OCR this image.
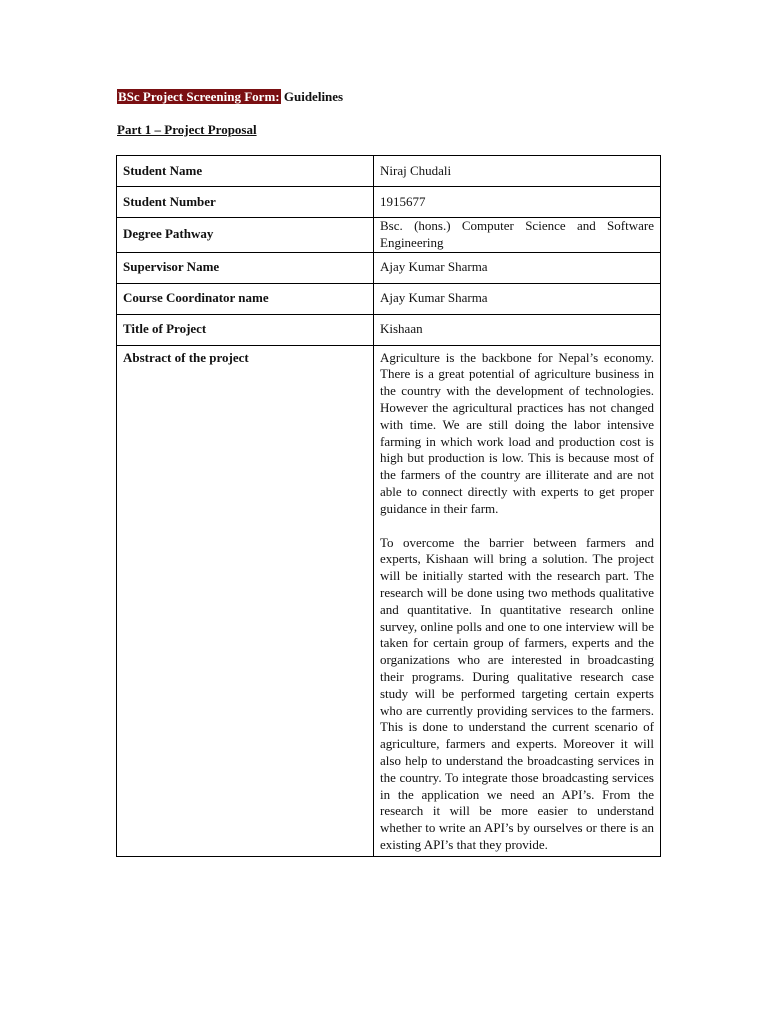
BSc Project Screening Form: Guidelines
Part 1 – Project Proposal
Student Name	Niraj Chudali
Student Number	1915677
Degree Pathway	Bsc. (hons.) Computer Science and Software Engineering
Supervisor Name	Ajay Kumar Sharma
Course Coordinator name	Ajay Kumar Sharma
Title of Project	Kishaan
Abstract of the project	Agriculture is the backbone for Nepal’s economy. There is a great potential of agriculture business in the country with the development of technologies. However the agricultural practices has not changed with time. We are still doing the labor intensive farming in which work load and production cost is high but production is low. This is because most of the farmers of the country are illiterate and are not able to connect directly with experts to get proper guidance in their farm.

To overcome the barrier between farmers and experts, Kishaan will bring a solution. The project will be initially started with the research part. The research will be done using two methods qualitative and quantitative. In quantitative research online survey, online polls and one to one interview will be taken for certain group of farmers, experts and the organizations who are interested in broadcasting their programs. During qualitative research case study will be performed targeting certain experts who are currently providing services to the farmers. This is done to understand the current scenario of agriculture, farmers and experts. Moreover it will also help to understand the broadcasting services in the country. To integrate those broadcasting services in the application we need an API’s. From the research it will be more easier to understand whether to write an API’s by ourselves or there is an existing API’s that they provide.
